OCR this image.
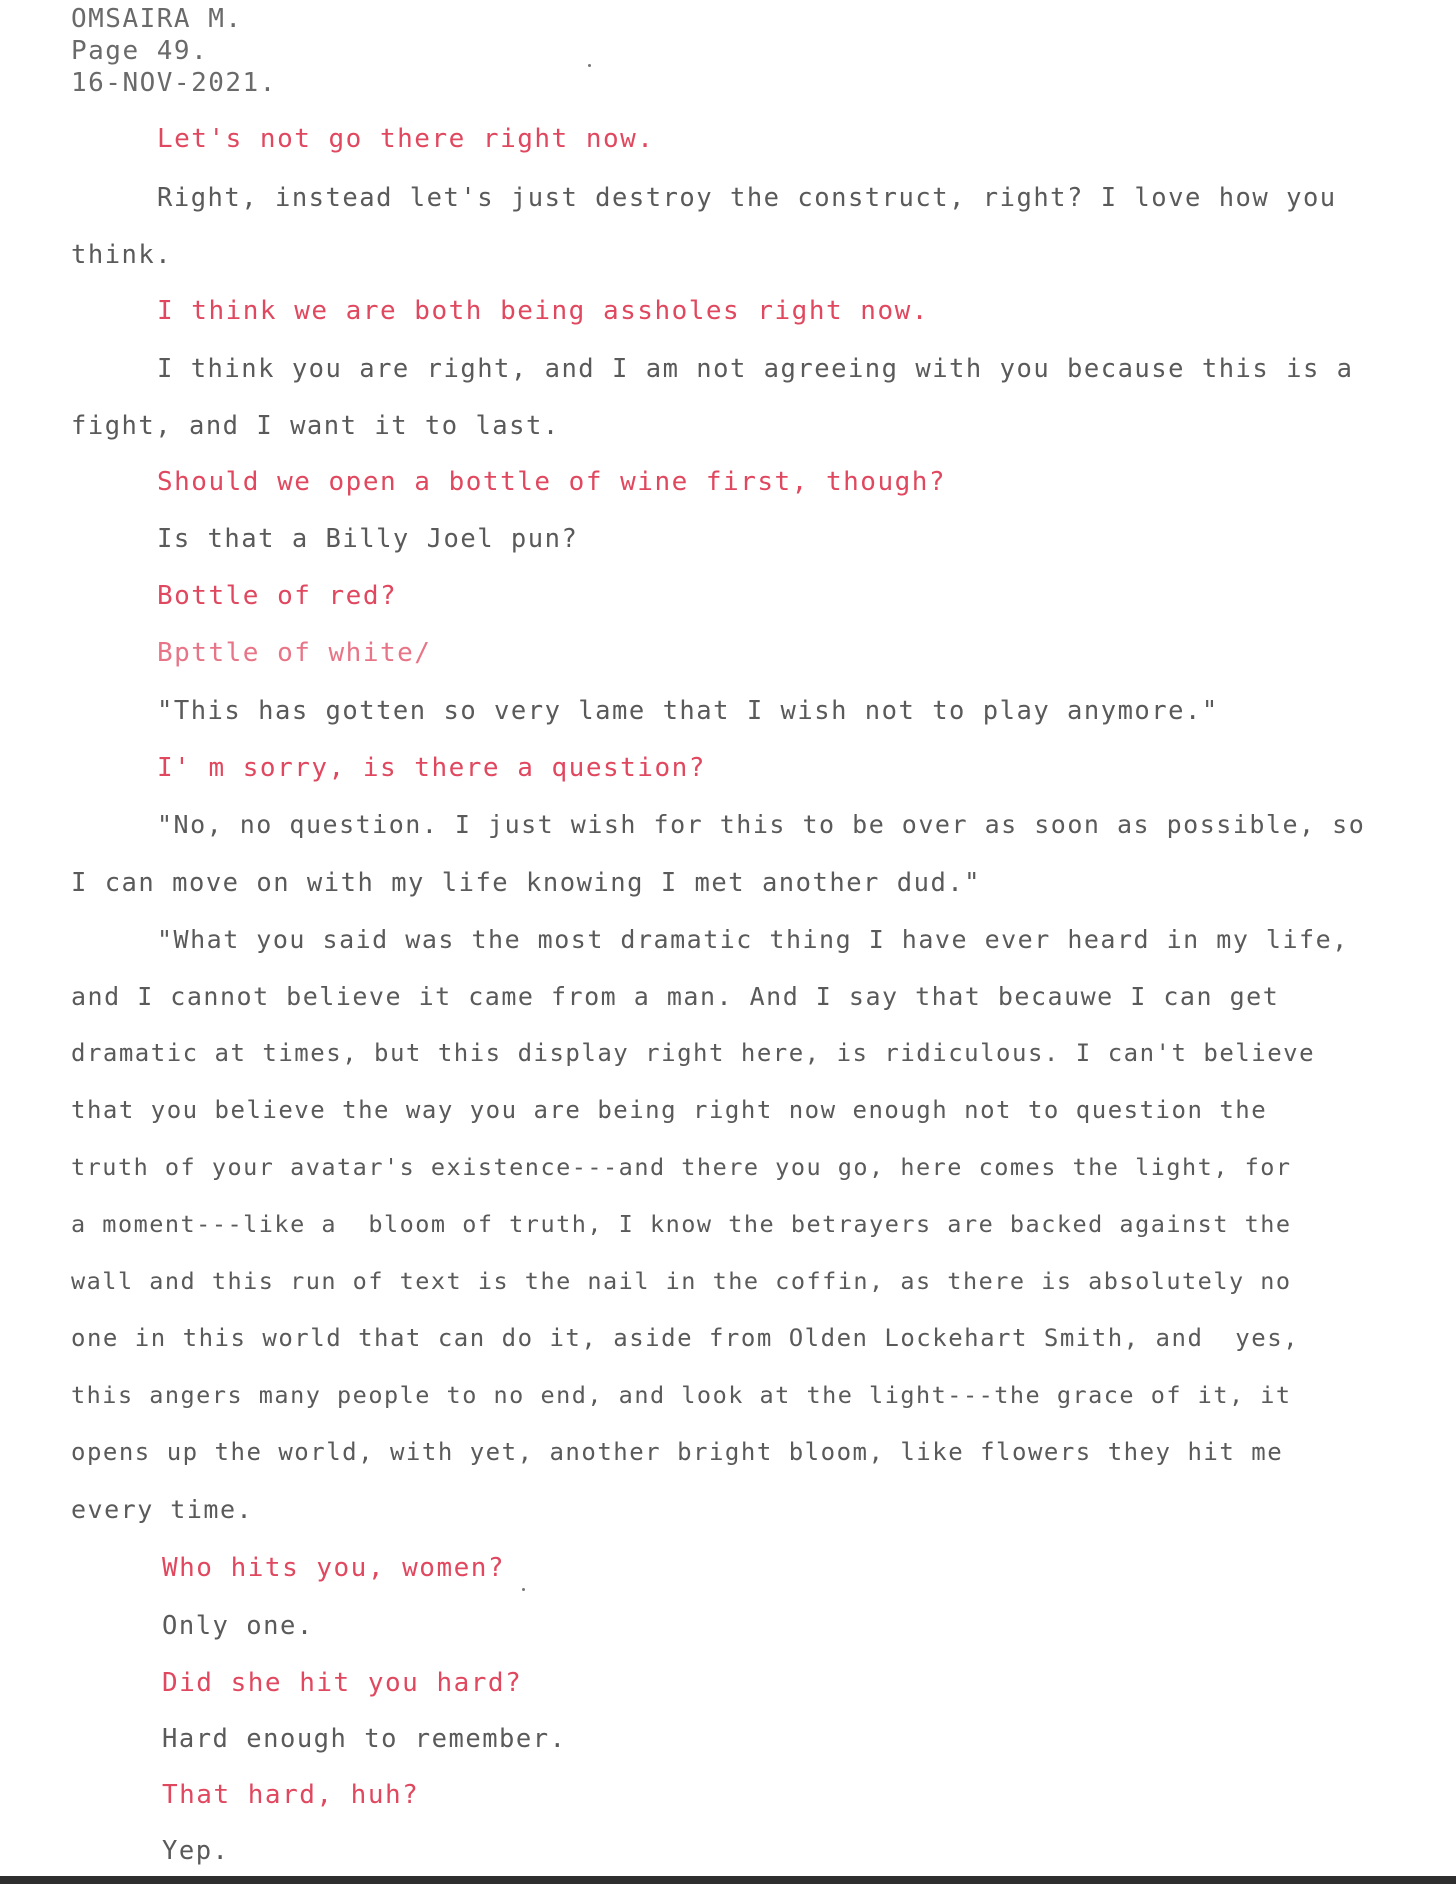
OMSAIRA M.
Page 49.
16-NOV-2021.
Let's not go there right now.
Right, instead let's just destroy the construct, right? I love how you
think.
I think we are both being assholes right now.
I think you are right, and I am not agreeing with you because this is a
fight, and I want it to last.
Should we open a bottle of wine first, though?
Is that a Billy Joel pun?
Bottle of red?
Bpttle of white/
"This has gotten so very lame that I wish not to play anymore."
I' m sorry, is there a question?
"No, no question. I just wish for this to be over as soon as possible, so
I can move on with my life knowing I met another dud."
"What you said was the most dramatic thing I have ever heard in my life,
and I cannot believe it came from a man. And I say that becauwe I can get
dramatic at times, but this display right here, is ridiculous. I can't believe
that you believe the way you are being right now enough not to question the
truth of your avatar's existence---and there you go, here comes the light, for
a moment---like a  bloom of truth, I know the betrayers are backed against the
wall and this run of text is the nail in the coffin, as there is absolutely no
one in this world that can do it, aside from Olden Lockehart Smith, and  yes,
this angers many people to no end, and look at the light---the grace of it, it
opens up the world, with yet, another bright bloom, like flowers they hit me
every time.
Who hits you, women?
Only one.
Did she hit you hard?
Hard enough to remember.
That hard, huh?
Yep.
